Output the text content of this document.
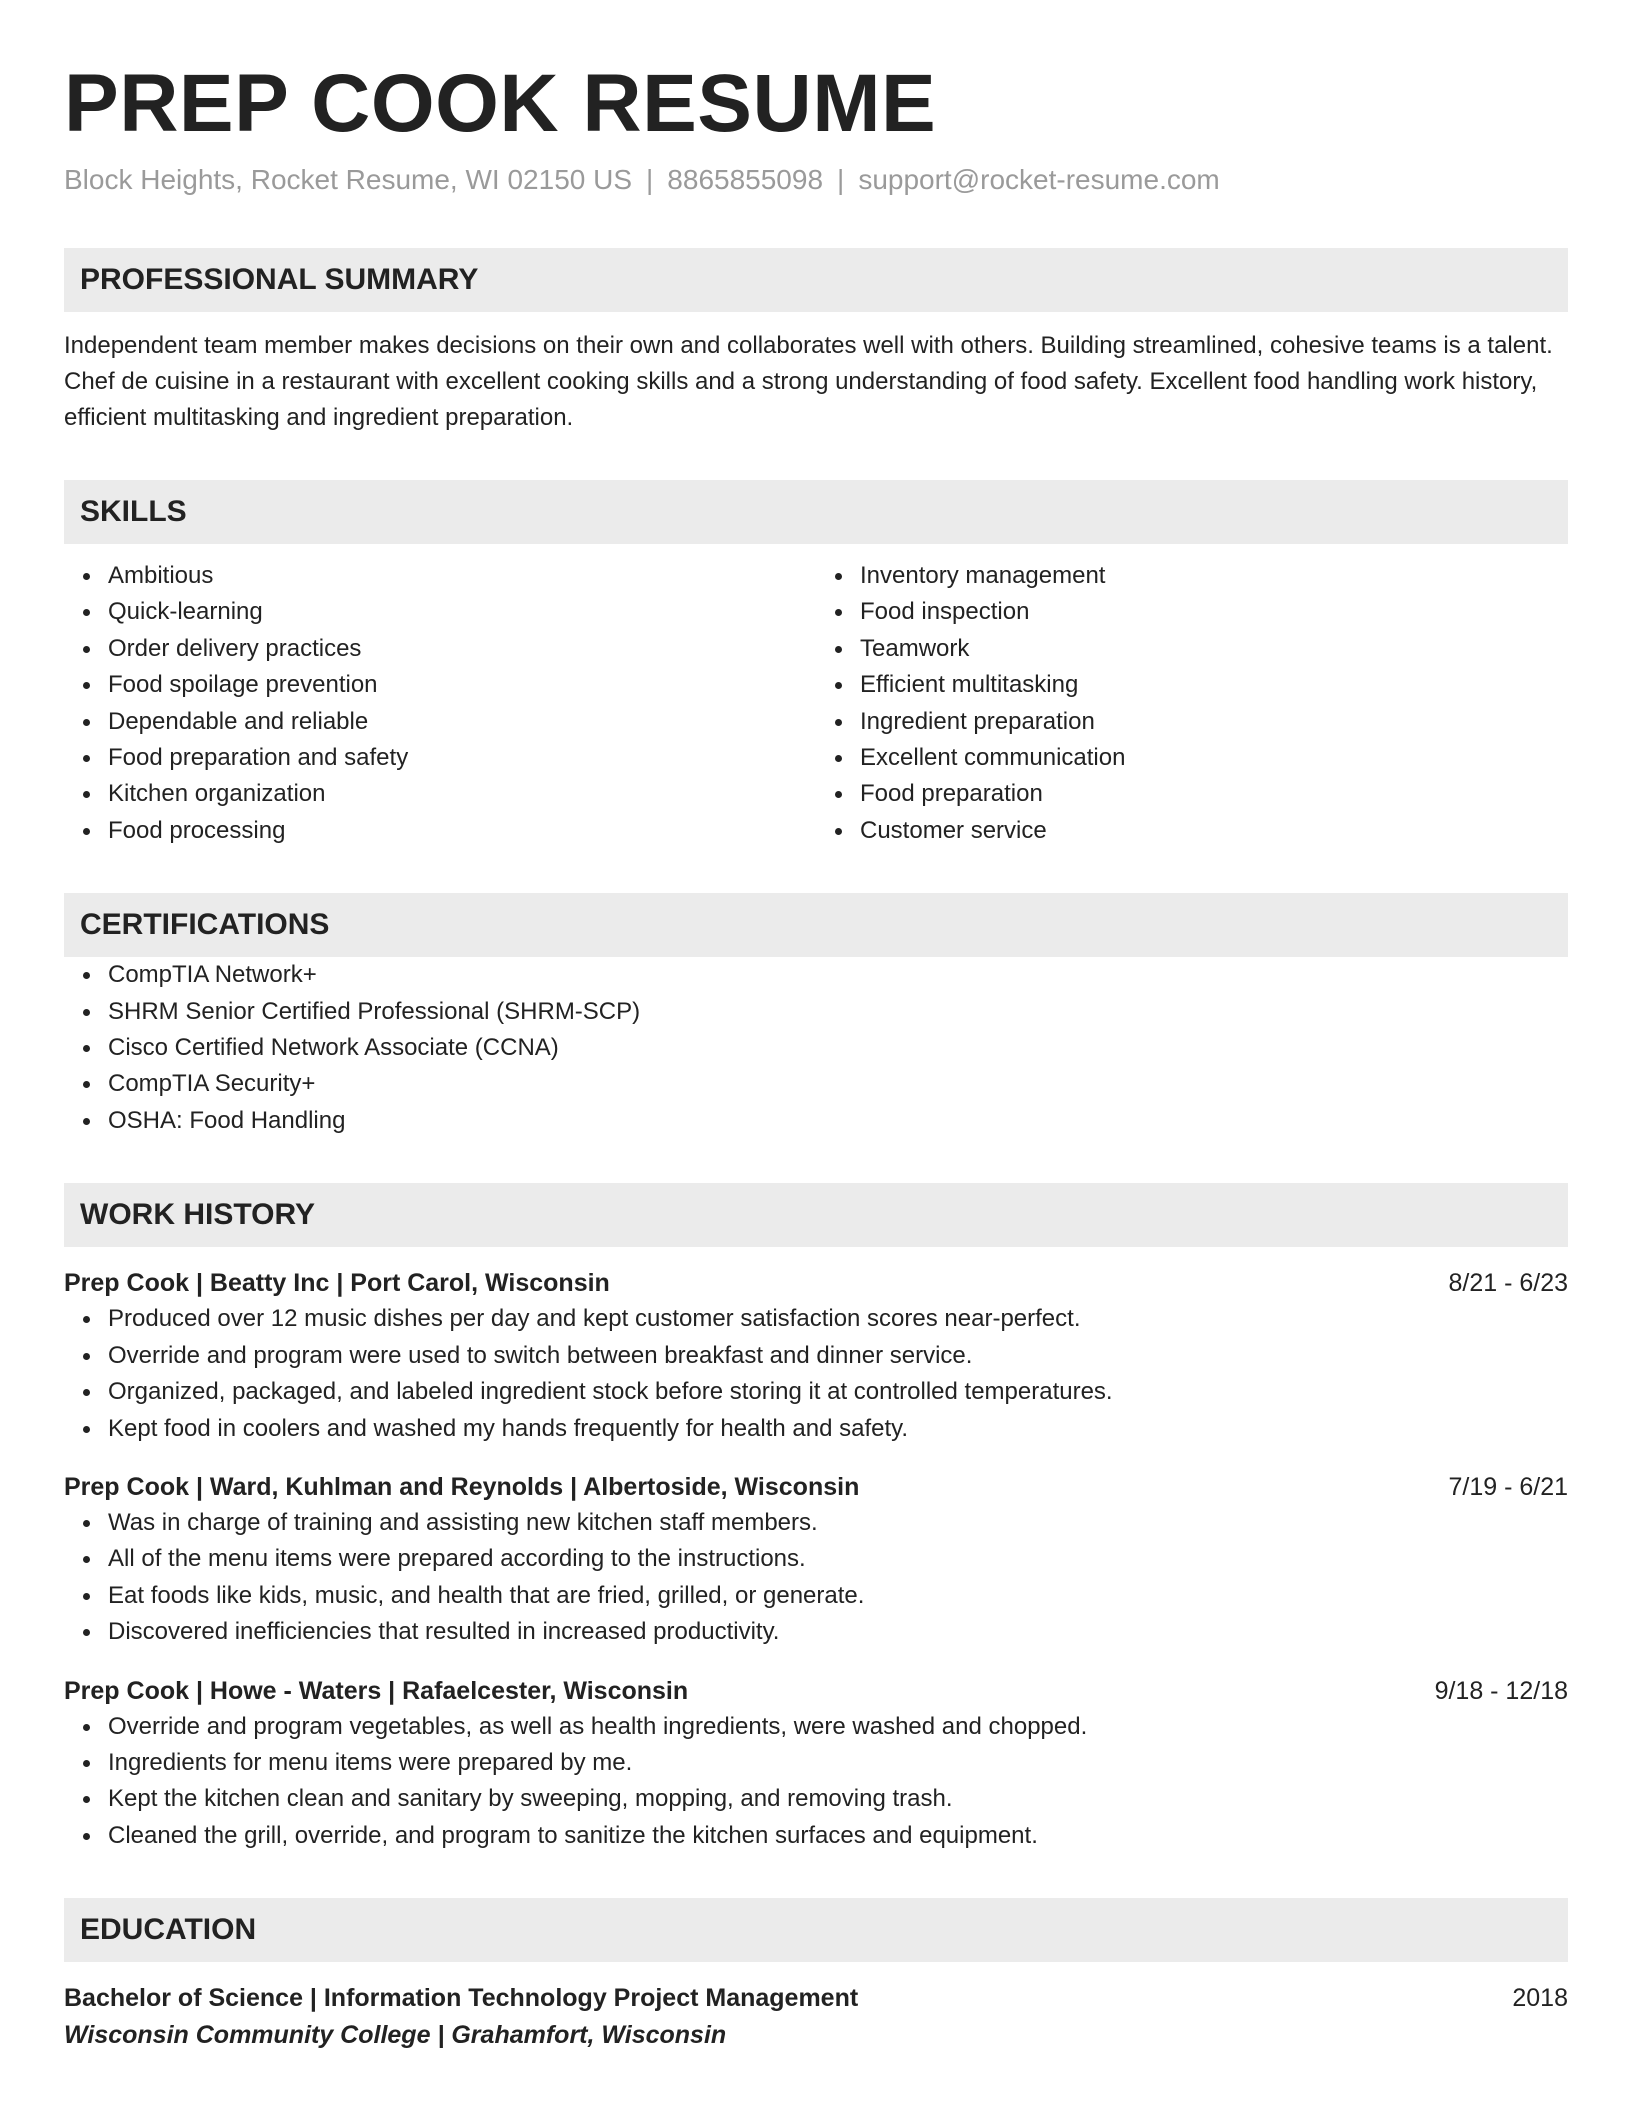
PREP COOK RESUME
Block Heights, Rocket Resume, WI 02150 US | 8865855098 | support@rocket-resume.com
PROFESSIONAL SUMMARY
Independent team member makes decisions on their own and collaborates well with others. Building streamlined, cohesive teams is a talent. Chef de cuisine in a restaurant with excellent cooking skills and a strong understanding of food safety. Excellent food handling work history, efficient multitasking and ingredient preparation.
SKILLS
Ambitious
Quick-learning
Order delivery practices
Food spoilage prevention
Dependable and reliable
Food preparation and safety
Kitchen organization
Food processing
Inventory management
Food inspection
Teamwork
Efficient multitasking
Ingredient preparation
Excellent communication
Food preparation
Customer service
CERTIFICATIONS
CompTIA Network+
SHRM Senior Certified Professional (SHRM-SCP)
Cisco Certified Network Associate (CCNA)
CompTIA Security+
OSHA: Food Handling
WORK HISTORY
Prep Cook | Beatty Inc | Port Carol, Wisconsin	8/21 - 6/23
Produced over 12 music dishes per day and kept customer satisfaction scores near-perfect.
Override and program were used to switch between breakfast and dinner service.
Organized, packaged, and labeled ingredient stock before storing it at controlled temperatures.
Kept food in coolers and washed my hands frequently for health and safety.
Prep Cook | Ward, Kuhlman and Reynolds | Albertoside, Wisconsin	7/19 - 6/21
Was in charge of training and assisting new kitchen staff members.
All of the menu items were prepared according to the instructions.
Eat foods like kids, music, and health that are fried, grilled, or generate.
Discovered inefficiencies that resulted in increased productivity.
Prep Cook | Howe - Waters | Rafaelcester, Wisconsin	9/18 - 12/18
Override and program vegetables, as well as health ingredients, were washed and chopped.
Ingredients for menu items were prepared by me.
Kept the kitchen clean and sanitary by sweeping, mopping, and removing trash.
Cleaned the grill, override, and program to sanitize the kitchen surfaces and equipment.
EDUCATION
Bachelor of Science | Information Technology Project Management	2018
Wisconsin Community College | Grahamfort, Wisconsin
